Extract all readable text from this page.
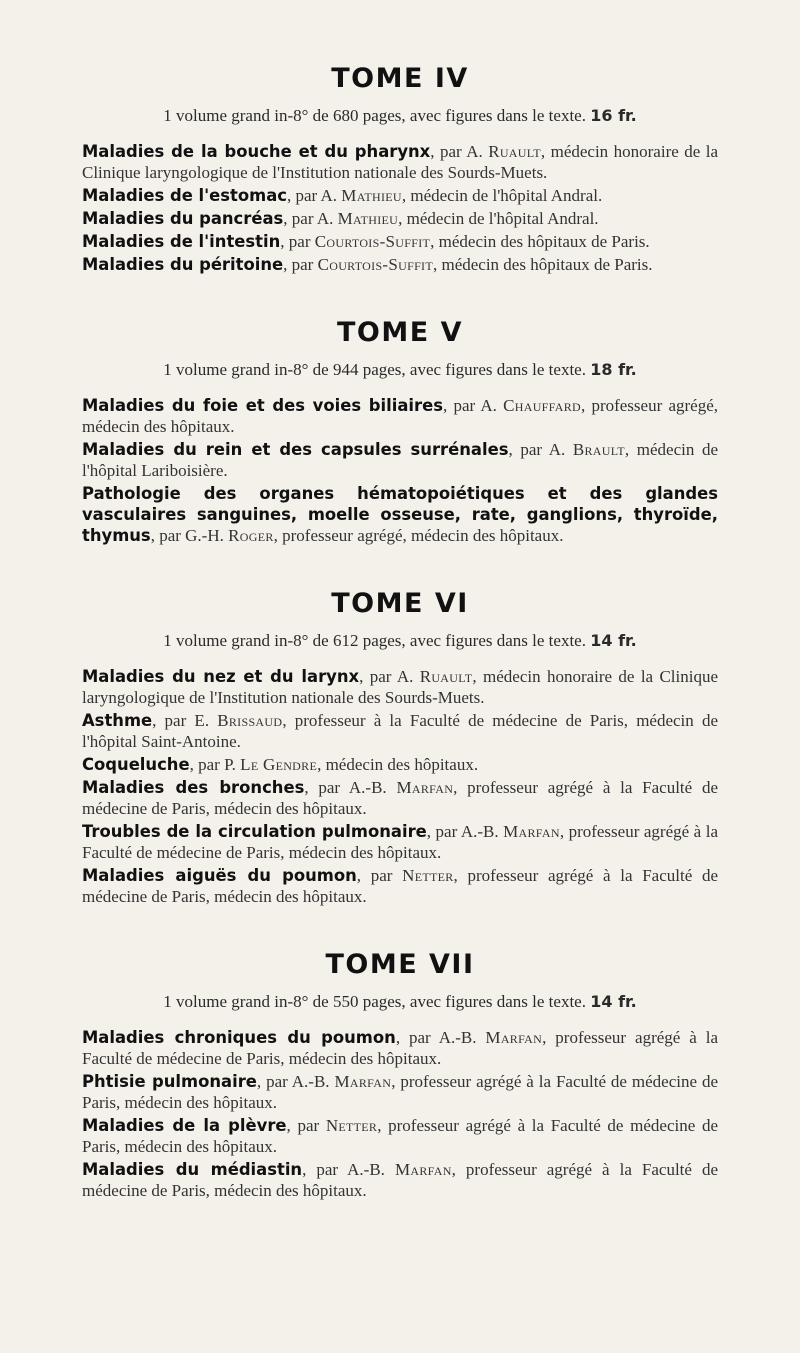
TOME IV
1 volume grand in-8° de 680 pages, avec figures dans le texte. 16 fr.

Maladies de la bouche et du pharynx, par A. Ruault, médecin honoraire de la Clinique laryngologique de l'Institution nationale des Sourds-Muets.

Maladies de l'estomac, par A. Mathieu, médecin de l'hôpital Andral.

Maladies du pancréas, par A. Mathieu, médecin de l'hôpital Andral.

Maladies de l'intestin, par Courtois-Suffit, médecin des hôpitaux de Paris.

Maladies du péritoine, par Courtois-Suffit, médecin des hôpitaux de Paris.

TOME V
1 volume grand in-8° de 944 pages, avec figures dans le texte. 18 fr.

Maladies du foie et des voies biliaires, par A. Chauffard, professeur agrégé, médecin des hôpitaux.

Maladies du rein et des capsules surrénales, par A. Brault, médecin de l'hôpital Lariboisière.

Pathologie des organes hématopoiétiques et des glandes vasculaires sanguines, moelle osseuse, rate, ganglions, thyroïde, thymus, par G.-H. Roger, professeur agrégé, médecin des hôpitaux.

TOME VI
1 volume grand in-8° de 612 pages, avec figures dans le texte. 14 fr.

Maladies du nez et du larynx, par A. Ruault, médecin honoraire de la Clinique laryngologique de l'Institution nationale des Sourds-Muets.

Asthme, par E. Brissaud, professeur à la Faculté de médecine de Paris, médecin de l'hôpital Saint-Antoine.

Coqueluche, par P. Le Gendre, médecin des hôpitaux.

Maladies des bronches, par A.-B. Marfan, professeur agrégé à la Faculté de médecine de Paris, médecin des hôpitaux.

Troubles de la circulation pulmonaire, par A.-B. Marfan, professeur agrégé à la Faculté de médecine de Paris, médecin des hôpitaux.

Maladies aiguës du poumon, par Netter, professeur agrégé à la Faculté de médecine de Paris, médecin des hôpitaux.

TOME VII
1 volume grand in-8° de 550 pages, avec figures dans le texte. 14 fr.

Maladies chroniques du poumon, par A.-B. Marfan, professeur agrégé à la Faculté de médecine de Paris, médecin des hôpitaux.

Phtisie pulmonaire, par A.-B. Marfan, professeur agrégé à la Faculté de médecine de Paris, médecin des hôpitaux.

Maladies de la plèvre, par Netter, professeur agrégé à la Faculté de médecine de Paris, médecin des hôpitaux.

Maladies du médiastin, par A.-B. Marfan, professeur agrégé à la Faculté de médecine de Paris, médecin des hôpitaux.
